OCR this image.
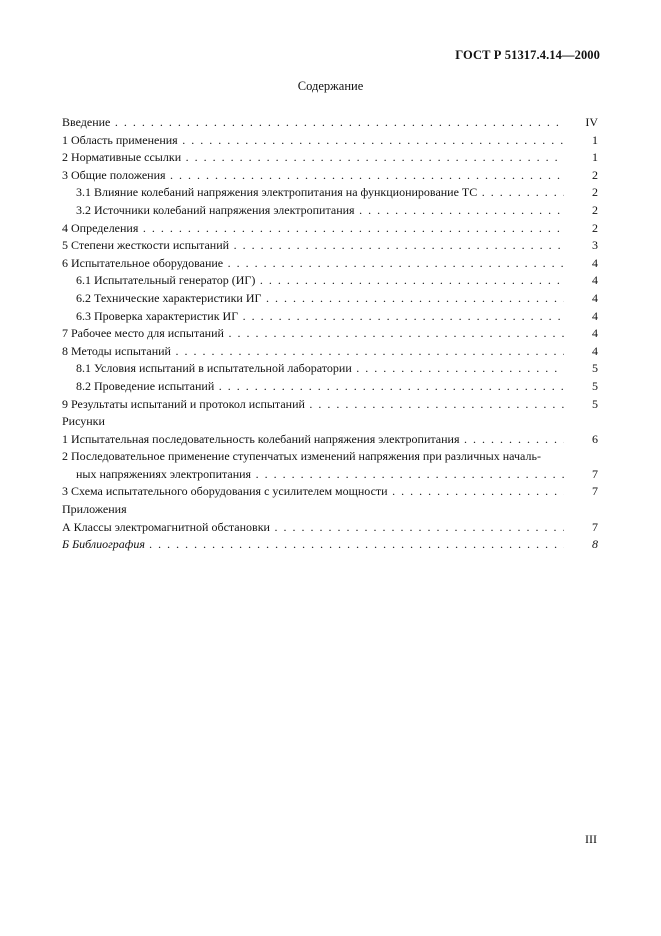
ГОСТ Р 51317.4.14—2000
Содержание
Введение . . .	IV
1 Область применения . . .	1
2 Нормативные ссылки . . .	1
3 Общие положения . . .	2
3.1 Влияние колебаний напряжения электропитания на функционирование ТС . . .	2
3.2 Источники колебаний напряжения электропитания . . .	2
4 Определения . . .	2
5 Степени жесткости испытаний . . .	3
6 Испытательное оборудование . . .	4
6.1 Испытательный генератор (ИГ) . . .	4
6.2 Технические характеристики ИГ . . .	4
6.3 Проверка характеристик ИГ . . .	4
7 Рабочее место для испытаний . . .	4
8 Методы испытаний . . .	4
8.1 Условия испытаний в испытательной лаборатории . . .	5
8.2 Проведение испытаний . . .	5
9 Результаты испытаний и протокол испытаний . . .	5
Рисунки
1 Испытательная последовательность колебаний напряжения электропитания . . .	6
2 Последовательное применение ступенчатых изменений напряжения при различных началь-
ных напряжениях электропитания . . .	7
3 Схема испытательного оборудования с усилителем мощности . . .	7
Приложения
А Классы электромагнитной обстановки . . .	7
Б Библиография . . .	8
III
